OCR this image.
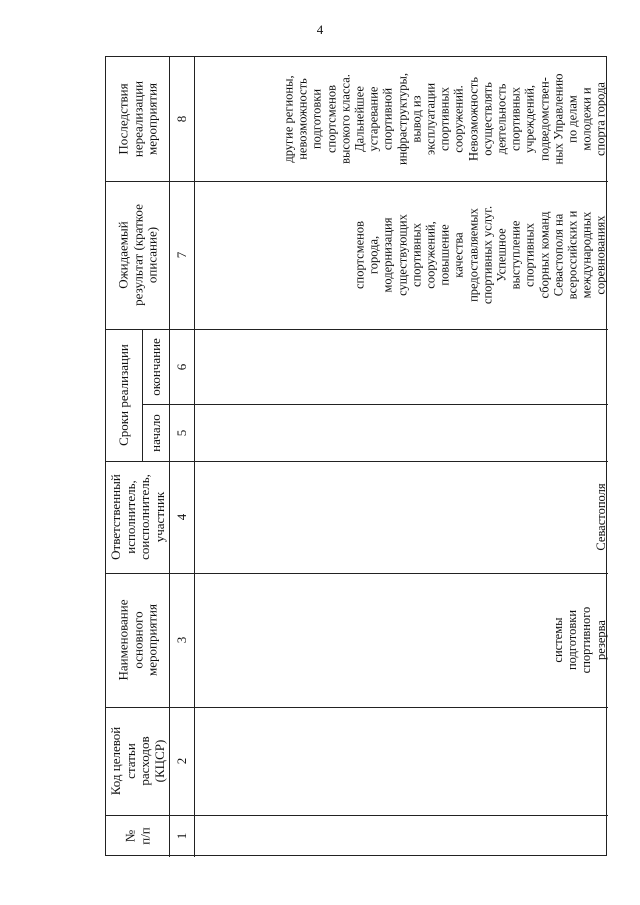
4
Последствия нереализации мероприятия
Ожидаемый результат (краткое описание)
Сроки реализации окончание
начало
Ответственный исполнитель, соисполнитель, участник
Наименование основного мероприятия
Код целевой статьи расходов (КЦСР)
№ п/п
8
7
6
5
4
3
2
1
другие регионы, невозможность подготовки спортсменов высокого класса. Дальнейшее устаревание спортивной инфраструктуры, вывод из эксплуатации спортивных сооружений. Невозможность осуществлять деятельность спортивных учреждений, подведомствен- ных Управлению по делам молодежи и спорта города
спортсменов города, модернизация существующих спортивных сооружений, повышение качества предоставляемых спортивных услуг. Успешное выступление спортивных сборных команд Севастополя на всероссийских и международных соревнованиях
Севастополя
системы подготовки спортивного резерва
